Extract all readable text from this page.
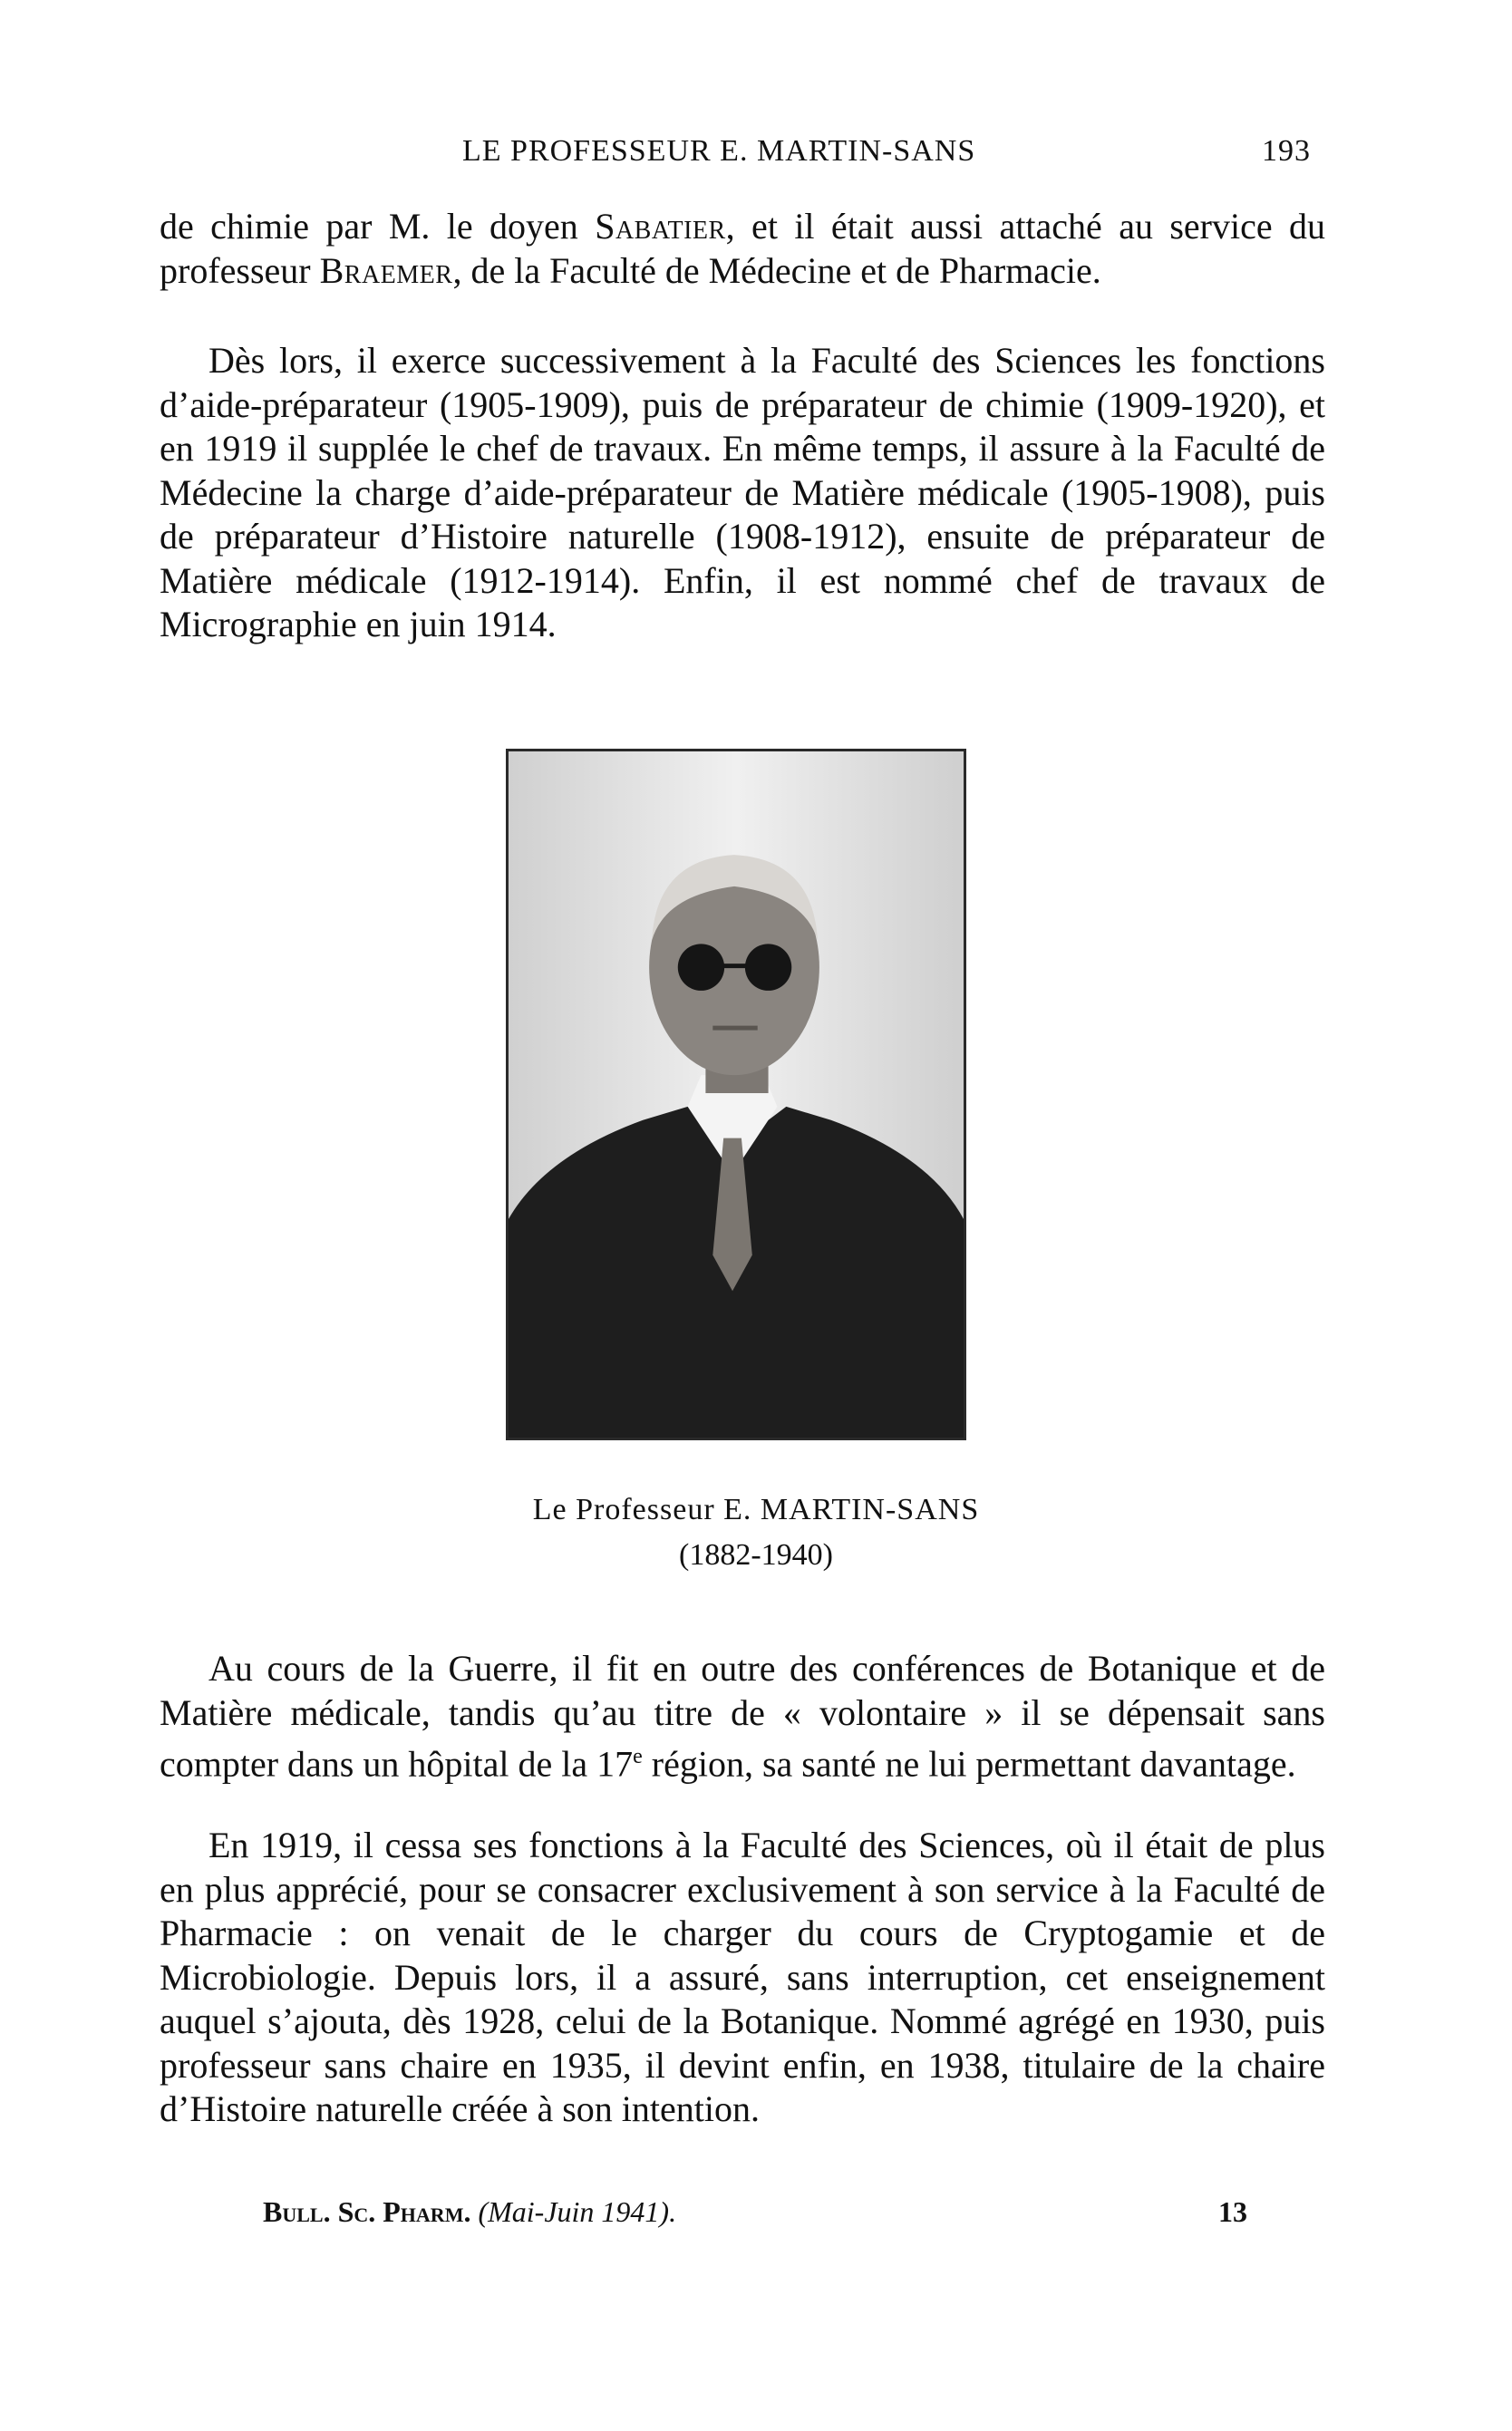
LE PROFESSEUR E. MARTIN-SANS	193

de chimie par M. le doyen Sabatier, et il était aussi attaché au service du professeur Braemer, de la Faculté de Médecine et de Pharmacie.

Dès lors, il exerce successivement à la Faculté des Sciences les fonctions d’aide-préparateur (1905-1909), puis de préparateur de chimie (1909-1920), et en 1919 il supplée le chef de travaux. En même temps, il assure à la Faculté de Médecine la charge d’aide-préparateur de Matière médicale (1905-1908), puis de préparateur d’Histoire naturelle (1908-1912), ensuite de préparateur de Matière médicale (1912-1914). Enfin, il est nommé chef de travaux de Micrographie en juin 1914.

Le Professeur E. MARTIN-SANS
(1882-1940)

Au cours de la Guerre, il fit en outre des conférences de Botanique et de Matière médicale, tandis qu’au titre de « volontaire » il se dépensait sans compter dans un hôpital de la 17e région, sa santé ne lui permettant davantage.

En 1919, il cessa ses fonctions à la Faculté des Sciences, où il était de plus en plus apprécié, pour se consacrer exclusivement à son service à la Faculté de Pharmacie : on venait de le charger du cours de Cryptogamie et de Microbiologie. Depuis lors, il a assuré, sans interruption, cet enseignement auquel s’ajouta, dès 1928, celui de la Botanique. Nommé agrégé en 1930, puis professeur sans chaire en 1935, il devint enfin, en 1938, titulaire de la chaire d’Histoire naturelle créée à son intention.

Bull. Sc. Pharm. (Mai-Juin 1941).	13
